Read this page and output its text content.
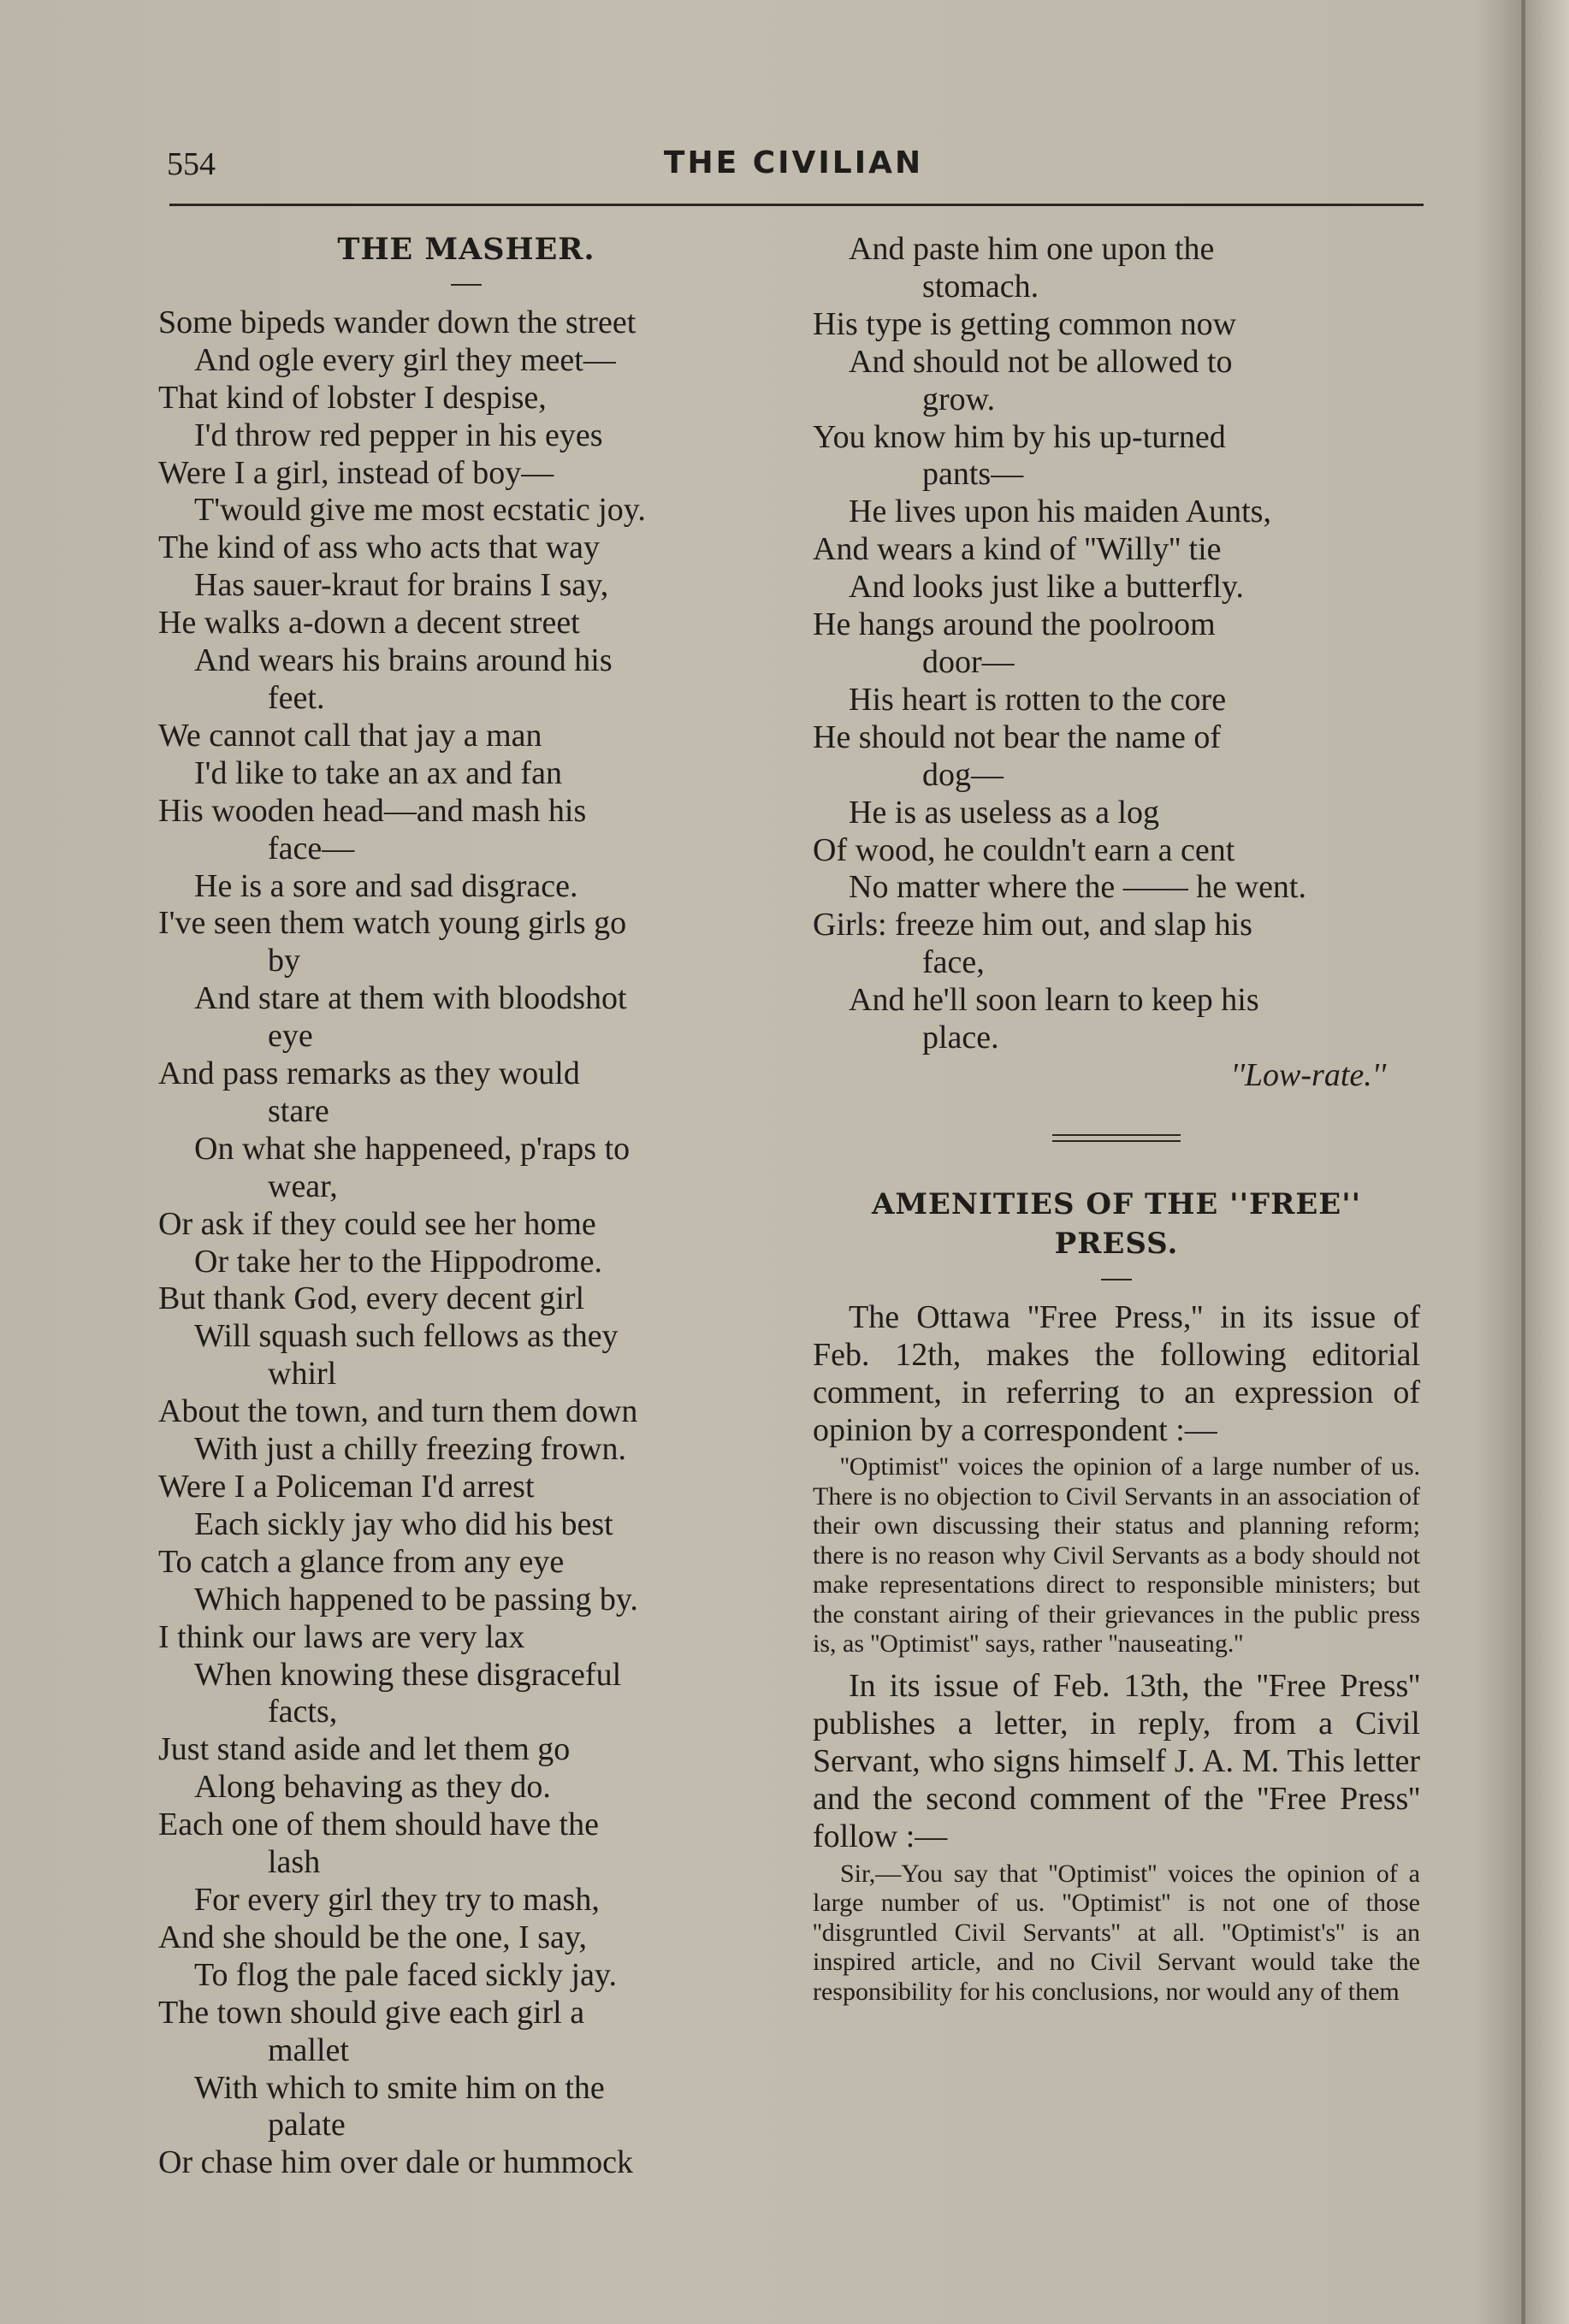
554	THE CIVILIAN
THE MASHER.
Some bipeds wander down the street
And ogle every girl they meet—
That kind of lobster I despise,
I'd throw red pepper in his eyes
Were I a girl, instead of boy—
T'would give me most ecstatic joy.
The kind of ass who acts that way
Has sauer-kraut for brains I say,
He walks a-down a decent street
And wears his brains around his
feet.
We cannot call that jay a man
I'd like to take an ax and fan
His wooden head—and mash his
face—
He is a sore and sad disgrace.
I've seen them watch young girls go
by
And stare at them with bloodshot
eye
And pass remarks as they would
stare
On what she happeneed, p'raps to
wear,
Or ask if they could see her home
Or take her to the Hippodrome.
But thank God, every decent girl
Will squash such fellows as they
whirl
About the town, and turn them down
With just a chilly freezing frown.
Were I a Policeman I'd arrest
Each sickly jay who did his best
To catch a glance from any eye
Which happened to be passing by.
I think our laws are very lax
When knowing these disgraceful
facts,
Just stand aside and let them go
Along behaving as they do.
Each one of them should have the
lash
For every girl they try to mash,
And she should be the one, I say,
To flog the pale faced sickly jay.
The town should give each girl a
mallet
With which to smite him on the
palate
Or chase him over dale or hummock
And paste him one upon the
stomach.
His type is getting common now
And should not be allowed to
grow.
You know him by his up-turned
pants—
He lives upon his maiden Aunts,
And wears a kind of ''Willy'' tie
And looks just like a butterfly.
He hangs around the poolroom
door—
His heart is rotten to the core
He should not bear the name of
dog—
He is as useless as a log
Of wood, he couldn't earn a cent
No matter where the —— he went.
Girls: freeze him out, and slap his
face,
And he'll soon learn to keep his
place.
''Low-rate.''
AMENITIES OF THE ''FREE''
PRESS.

The Ottawa ''Free Press,'' in its issue of Feb. 12th, makes the following editorial comment, in referring to an expression of opinion by a correspondent :—

''Optimist'' voices the opinion of a large number of us. There is no objection to Civil Servants in an association of their own discussing their status and planning reform; there is no reason why Civil Servants as a body should not make representations direct to responsible ministers; but the constant airing of their grievances in the public press is, as ''Optimist'' says, rather ''nauseating.''

In its issue of Feb. 13th, the ''Free Press'' publishes a letter, in reply, from a Civil Servant, who signs himself J. A. M. This letter and the second comment of the ''Free Press'' follow :—

Sir,—You say that ''Optimist'' voices the opinion of a large number of us. ''Optimist'' is not one of those ''disgruntled Civil Servants'' at all. ''Optimist's'' is an inspired article, and no Civil Servant would take the responsibility for his conclusions, nor would any of them
